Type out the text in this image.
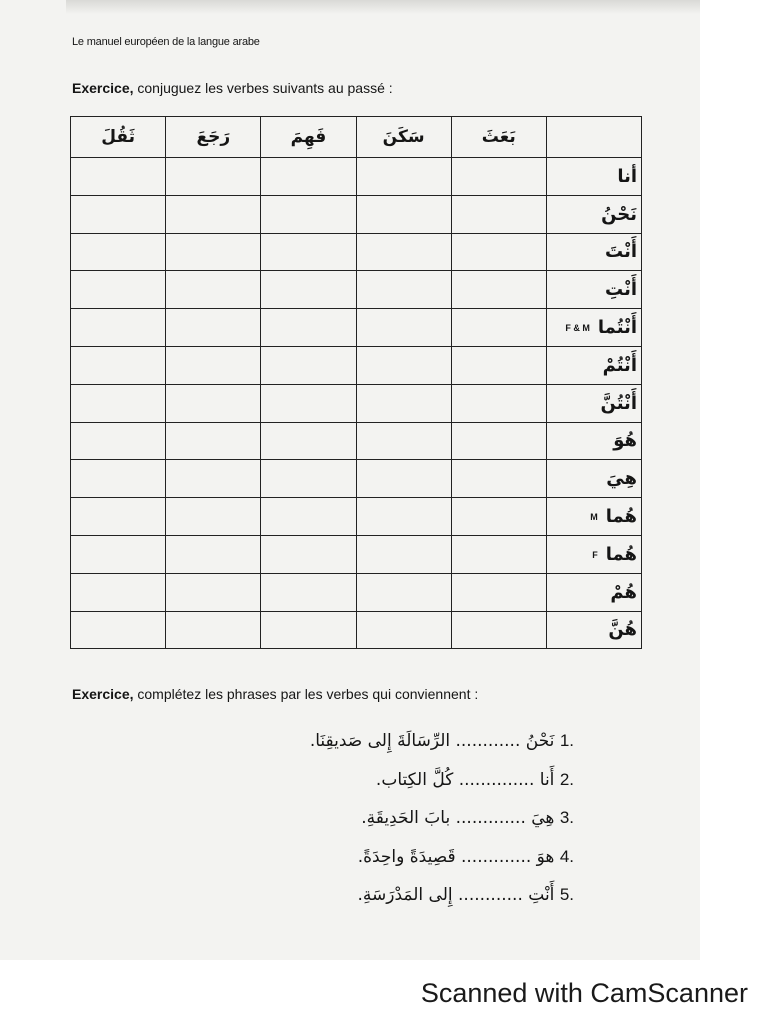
Le manuel européen de la langue arabe
Exercice, conjuguez les verbes suivants au passé :
	بَعَثَ	سَكَنَ	فَهِمَ	رَجَعَ	ثَقُلَ
أنا					
نَحْنُ					
أَنْتَ					
أَنْتِ					
أَنْتُماF & M					
أَنْتُمْ					
أَنْتُنَّ					
هُوَ					
هِيَ					
هُماM					
هُماF					
هُمْ					
هُنَّ					
Exercice, complétez les phrases par les verbes qui conviennent :
1. نَحْنُ ............ الرِّسَالَةَ إِلى صَديقِنَا.
2. أَنا .............. كُلَّ الكِتاب.
3. هِيَ ............. بابَ الحَدِيقَةِ.
4. هوَ ............. قَصِيدَةً واحِدَةً.
5. أَنْتِ ............ إِلى المَدْرَسَةِ.
Scanned with CamScanner
